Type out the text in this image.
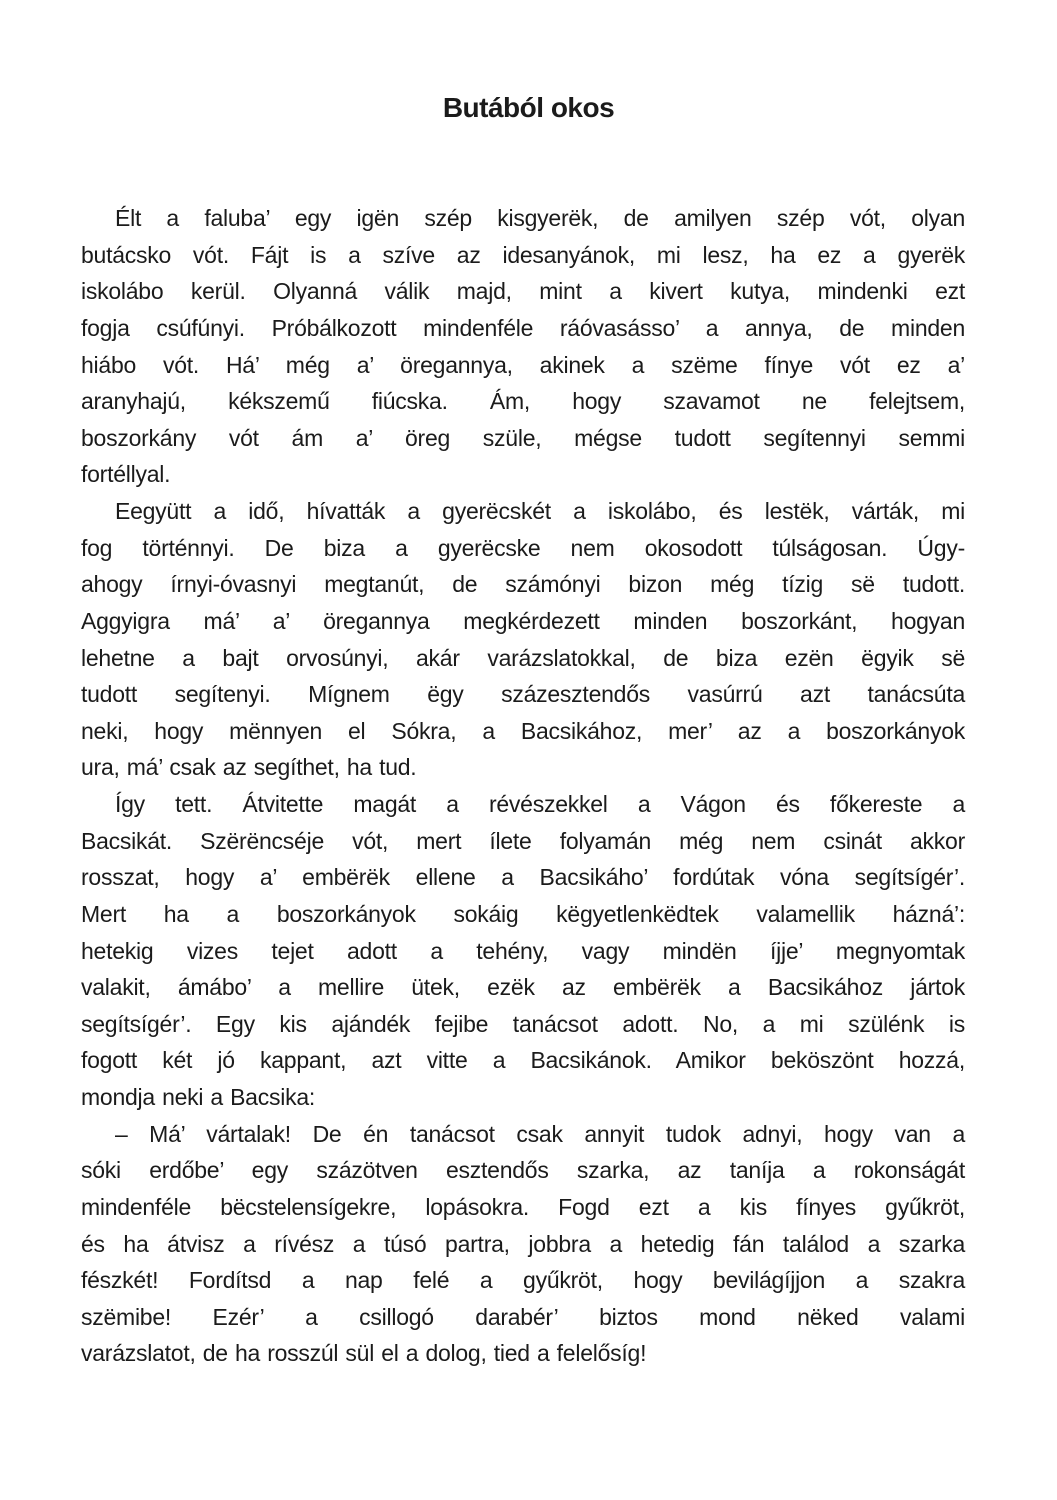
Butából okos
Élt a faluba’ egy igën szép kisgyerëk, de amilyen szép vót, olyan
butácsko vót. Fájt is a szíve az idesanyánok, mi lesz, ha ez a gyerëk
iskolábo kerül. Olyanná válik majd, mint a kivert kutya, mindenki ezt
fogja csúfúnyi. Próbálkozott mindenféle ráóvasásso’ a annya, de minden
hiábo vót. Há’ még a’ öregannya, akinek a szëme fínye vót ez a’
aranyhajú, kékszemű fiúcska. Ám, hogy szavamot ne felejtsem,
boszorkány vót ám a’ öreg szüle, mégse tudott segítennyi semmi
fortéllyal.
Eegyütt a idő, hívatták a gyerëcskét a iskolábo, és lestëk, várták, mi
fog történnyi. De biza a gyerëcske nem okosodott túlságosan. Úgy-
ahogy írnyi-óvasnyi megtanút, de számónyi bizon még tízig së tudott.
Aggyigra má’ a’ öregannya megkérdezett minden boszorkánt, hogyan
lehetne a bajt orvosúnyi, akár varázslatokkal, de biza ezën ëgyik së
tudott segítenyi. Mígnem ëgy százesztendős vasúrrú azt tanácsúta
neki, hogy mënnyen el Sókra, a Bacsikához, mer’ az a boszorkányok
ura, má’ csak az segíthet, ha tud.
Így tett. Átvitette magát a révészekkel a Vágon és főkereste a
Bacsikát. Szërëncséje vót, mert ílete folyamán még nem csinát akkor
rosszat, hogy a’ embërëk ellene a Bacsikáho’ fordútak vóna segítsígér’.
Mert ha a boszorkányok sokáig këgyetlenkëdtek valamellik házná’:
hetekig vizes tejet adott a tehény, vagy mindën íjje’ megnyomtak
valakit, ámábo’ a mellire ütek, ezëk az embërëk a Bacsikához jártok
segítsígér’. Egy kis ajándék fejibe tanácsot adott. No, a mi szülénk is
fogott két jó kappant, azt vitte a Bacsikánok. Amikor beköszönt hozzá,
mondja neki a Bacsika:
– Má’ vártalak! De én tanácsot csak annyit tudok adnyi, hogy van a
sóki erdőbe’ egy százötven esztendős szarka, az taníja a rokonságát
mindenféle bëcstelensígekre, lopásokra. Fogd ezt a kis fínyes gyűkröt,
és ha átvisz a rívész a túsó partra, jobbra a hetedig fán találod a szarka
fészkét! Fordítsd a nap felé a gyűkröt, hogy bevilágíjjon a szakra
szëmibe! Ezér’ a csillogó darabér’ biztos mond nëked valami
varázslatot, de ha rosszúl sül el a dolog, tied a felelősíg!
